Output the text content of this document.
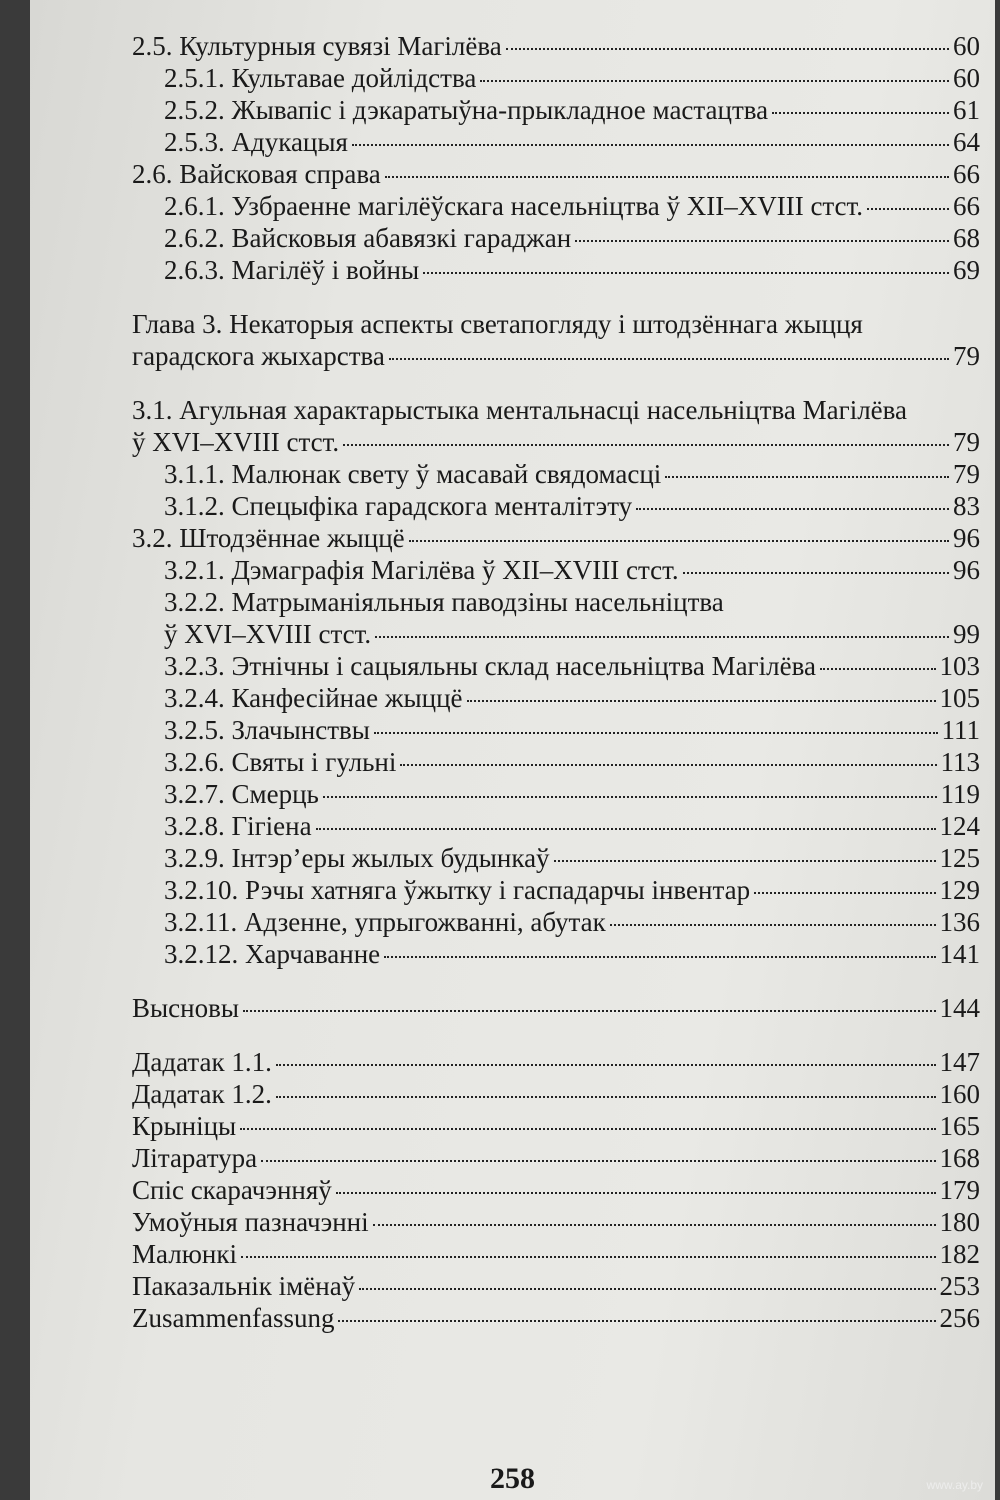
2.5. Культурныя сувязі Магілёва	60
2.5.1. Культавае дойлідства	60
2.5.2. Жывапіс і дэкаратыўна-прыкладное мастацтва	61
2.5.3. Адукацыя	64
2.6. Вайсковая справа	66
2.6.1. Узбраенне магілёўскага насельніцтва ў XII–XVIII стст.	66
2.6.2. Вайсковыя абавязкі гараджан	68
2.6.3. Магілёў і войны	69
Глава 3. Некаторыя аспекты светапогляду і штодзённага жыцця
гарадскога жыхарства	79
3.1. Агульная характарыстыка ментальнасці насельніцтва Магілёва
ў XVI–XVIII стст.	79
3.1.1. Малюнак свету ў масавай свядомасці	79
3.1.2. Спецыфіка гарадскога менталітэту	83
3.2. Штодзённае жыццё	96
3.2.1. Дэмаграфія Магілёва ў XII–XVIII стст.	96
3.2.2. Матрыманіяльныя паводзіны насельніцтва
ў XVI–XVIII стст.	99
3.2.3. Этнічны і сацыяльны склад насельніцтва Магілёва	103
3.2.4. Канфесійнае жыццё	105
3.2.5. Злачынствы	111
3.2.6. Святы і гульні	113
3.2.7. Смерць	119
3.2.8. Гігіена	124
3.2.9. Інтэр’еры жылых будынкаў	125
3.2.10. Рэчы хатняга ўжытку і гаспадарчы інвентар	129
3.2.11. Адзенне, упрыгожванні, абутак	136
3.2.12. Харчаванне	141
Высновы	144
Дадатак 1.1.	147
Дадатак 1.2.	160
Крыніцы	165
Літаратура	168
Спіс скарачэнняў	179
Умоўныя пазначэнні	180
Малюнкі	182
Паказальнік імёнаў	253
Zusammenfassung	256
258	www.ay.by
